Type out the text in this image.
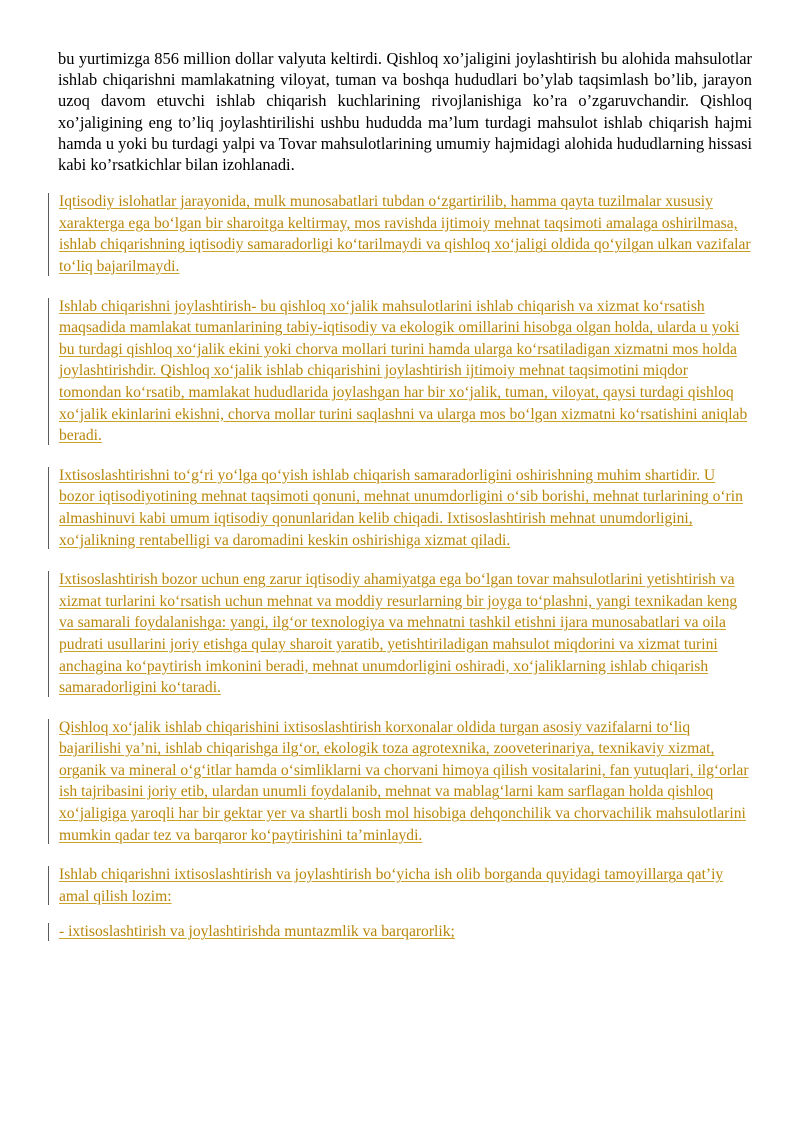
bu yurtimizga 856 million dollar valyuta keltirdi. Qishloq xo’jaligini joylashtirish bu alohida mahsulotlar ishlab chiqarishni mamlakatning viloyat, tuman va boshqa hududlari bo’ylab taqsimlash bo’lib, jarayon uzoq davom etuvchi ishlab chiqarish kuchlarining rivojlanishiga ko’ra o’zgaruvchandir. Qishloq xo’jaligining eng to’liq joylashtirilishi ushbu hududda ma’lum turdagi mahsulot ishlab chiqarish hajmi hamda u yoki bu turdagi yalpi va Tovar mahsulotlarining umumiy hajmidagi alohida hududlarning hissasi kabi ko’rsatkichlar bilan izohlanadi.

Iqtisodiy islohatlar jarayonida, mulk munosabatlari tubdan oʻzgartirilib, hamma qayta tuzilmalar xususiy xarakterga ega boʻlgan bir sharoitga keltirmay, mos ravishda ijtimoiy mehnat taqsimoti amalaga oshirilmasa, ishlab chiqarishning iqtisodiy samaradorligi koʻtarilmaydi va qishloq xoʻjaligi oldida qoʻyilgan ulkan vazifalar toʻliq bajarilmaydi.

Ishlab chiqarishni joylashtirish- bu qishloq xoʻjalik mahsulotlarini ishlab chiqarish va xizmat koʻrsatish maqsadida mamlakat tumanlarining tabiy-iqtisodiy va ekologik omillarini hisobga olgan holda, ularda u yoki bu turdagi qishloq xoʻjalik ekini yoki chorva mollari turini hamda ularga koʻrsatiladigan xizmatni mos holda joylashtirishdir. Qishloq xoʻjalik ishlab chiqarishini joylashtirish ijtimoiy mehnat taqsimotini miqdor tomondan koʻrsatib, mamlakat hududlarida joylashgan har bir xoʻjalik, tuman, viloyat, qaysi turdagi qishloq xoʻjalik ekinlarini ekishni, chorva mollar turini saqlashni va ularga mos boʻlgan xizmatni koʻrsatishini aniqlab beradi.

Ixtisoslashtirishni toʻgʻri yoʻlga qoʻyish ishlab chiqarish samaradorligini oshirishning muhim shartidir. U bozor iqtisodiyotining mehnat taqsimoti qonuni, mehnat unumdorligini oʻsib borishi, mehnat turlarining oʻrin almashinuvi kabi umum iqtisodiy qonunlaridan kelib chiqadi. Ixtisoslashtirish mehnat unumdorligini, xoʻjalikning rentabelligi va daromadini keskin oshirishiga xizmat qiladi.

Ixtisoslashtirish bozor uchun eng zarur iqtisodiy ahamiyatga ega boʻlgan tovar mahsulotlarini yetishtirish va xizmat turlarini koʻrsatish uchun mehnat va moddiy resurlarning bir joyga toʻplashni, yangi texnikadan keng va samarali foydalanishga: yangi, ilgʻor texnologiya va mehnatni tashkil etishni ijara munosabatlari va oila pudrati usullarini joriy etishga qulay sharoit yaratib, yetishtiriladigan mahsulot miqdorini va xizmat turini anchagina koʻpaytirish imkonini beradi, mehnat unumdorligini oshiradi, xoʻjaliklarning ishlab chiqarish samaradorligini koʻtaradi.

Qishloq xoʻjalik ishlab chiqarishini ixtisoslashtirish korxonalar oldida turgan asosiy vazifalarni toʻliq bajarilishi yaʼni, ishlab chiqarishga ilgʻor, ekologik toza agrotexnika, zooveterinariya, texnikaviy xizmat, organik va mineral oʻgʻitlar hamda oʻsimliklarni va chorvani himoya qilish vositalarini, fan yutuqlari, ilgʻorlar ish tajribasini joriy etib, ulardan unumli foydalanib, mehnat va mablagʻlarni kam sarflagan holda qishloq xoʻjaligiga yaroqli har bir gektar yer va shartli bosh mol hisobiga dehqonchilik va chorvachilik mahsulotlarini mumkin qadar tez va barqaror koʻpaytirishini taʼminlaydi.

Ishlab chiqarishni ixtisoslashtirish va joylashtirish boʻyicha ish olib borganda quyidagi tamoyillarga qatʼiy amal qilish lozim:

- ixtisoslashtirish va joylashtirishda muntazmlik va barqarorlik;
